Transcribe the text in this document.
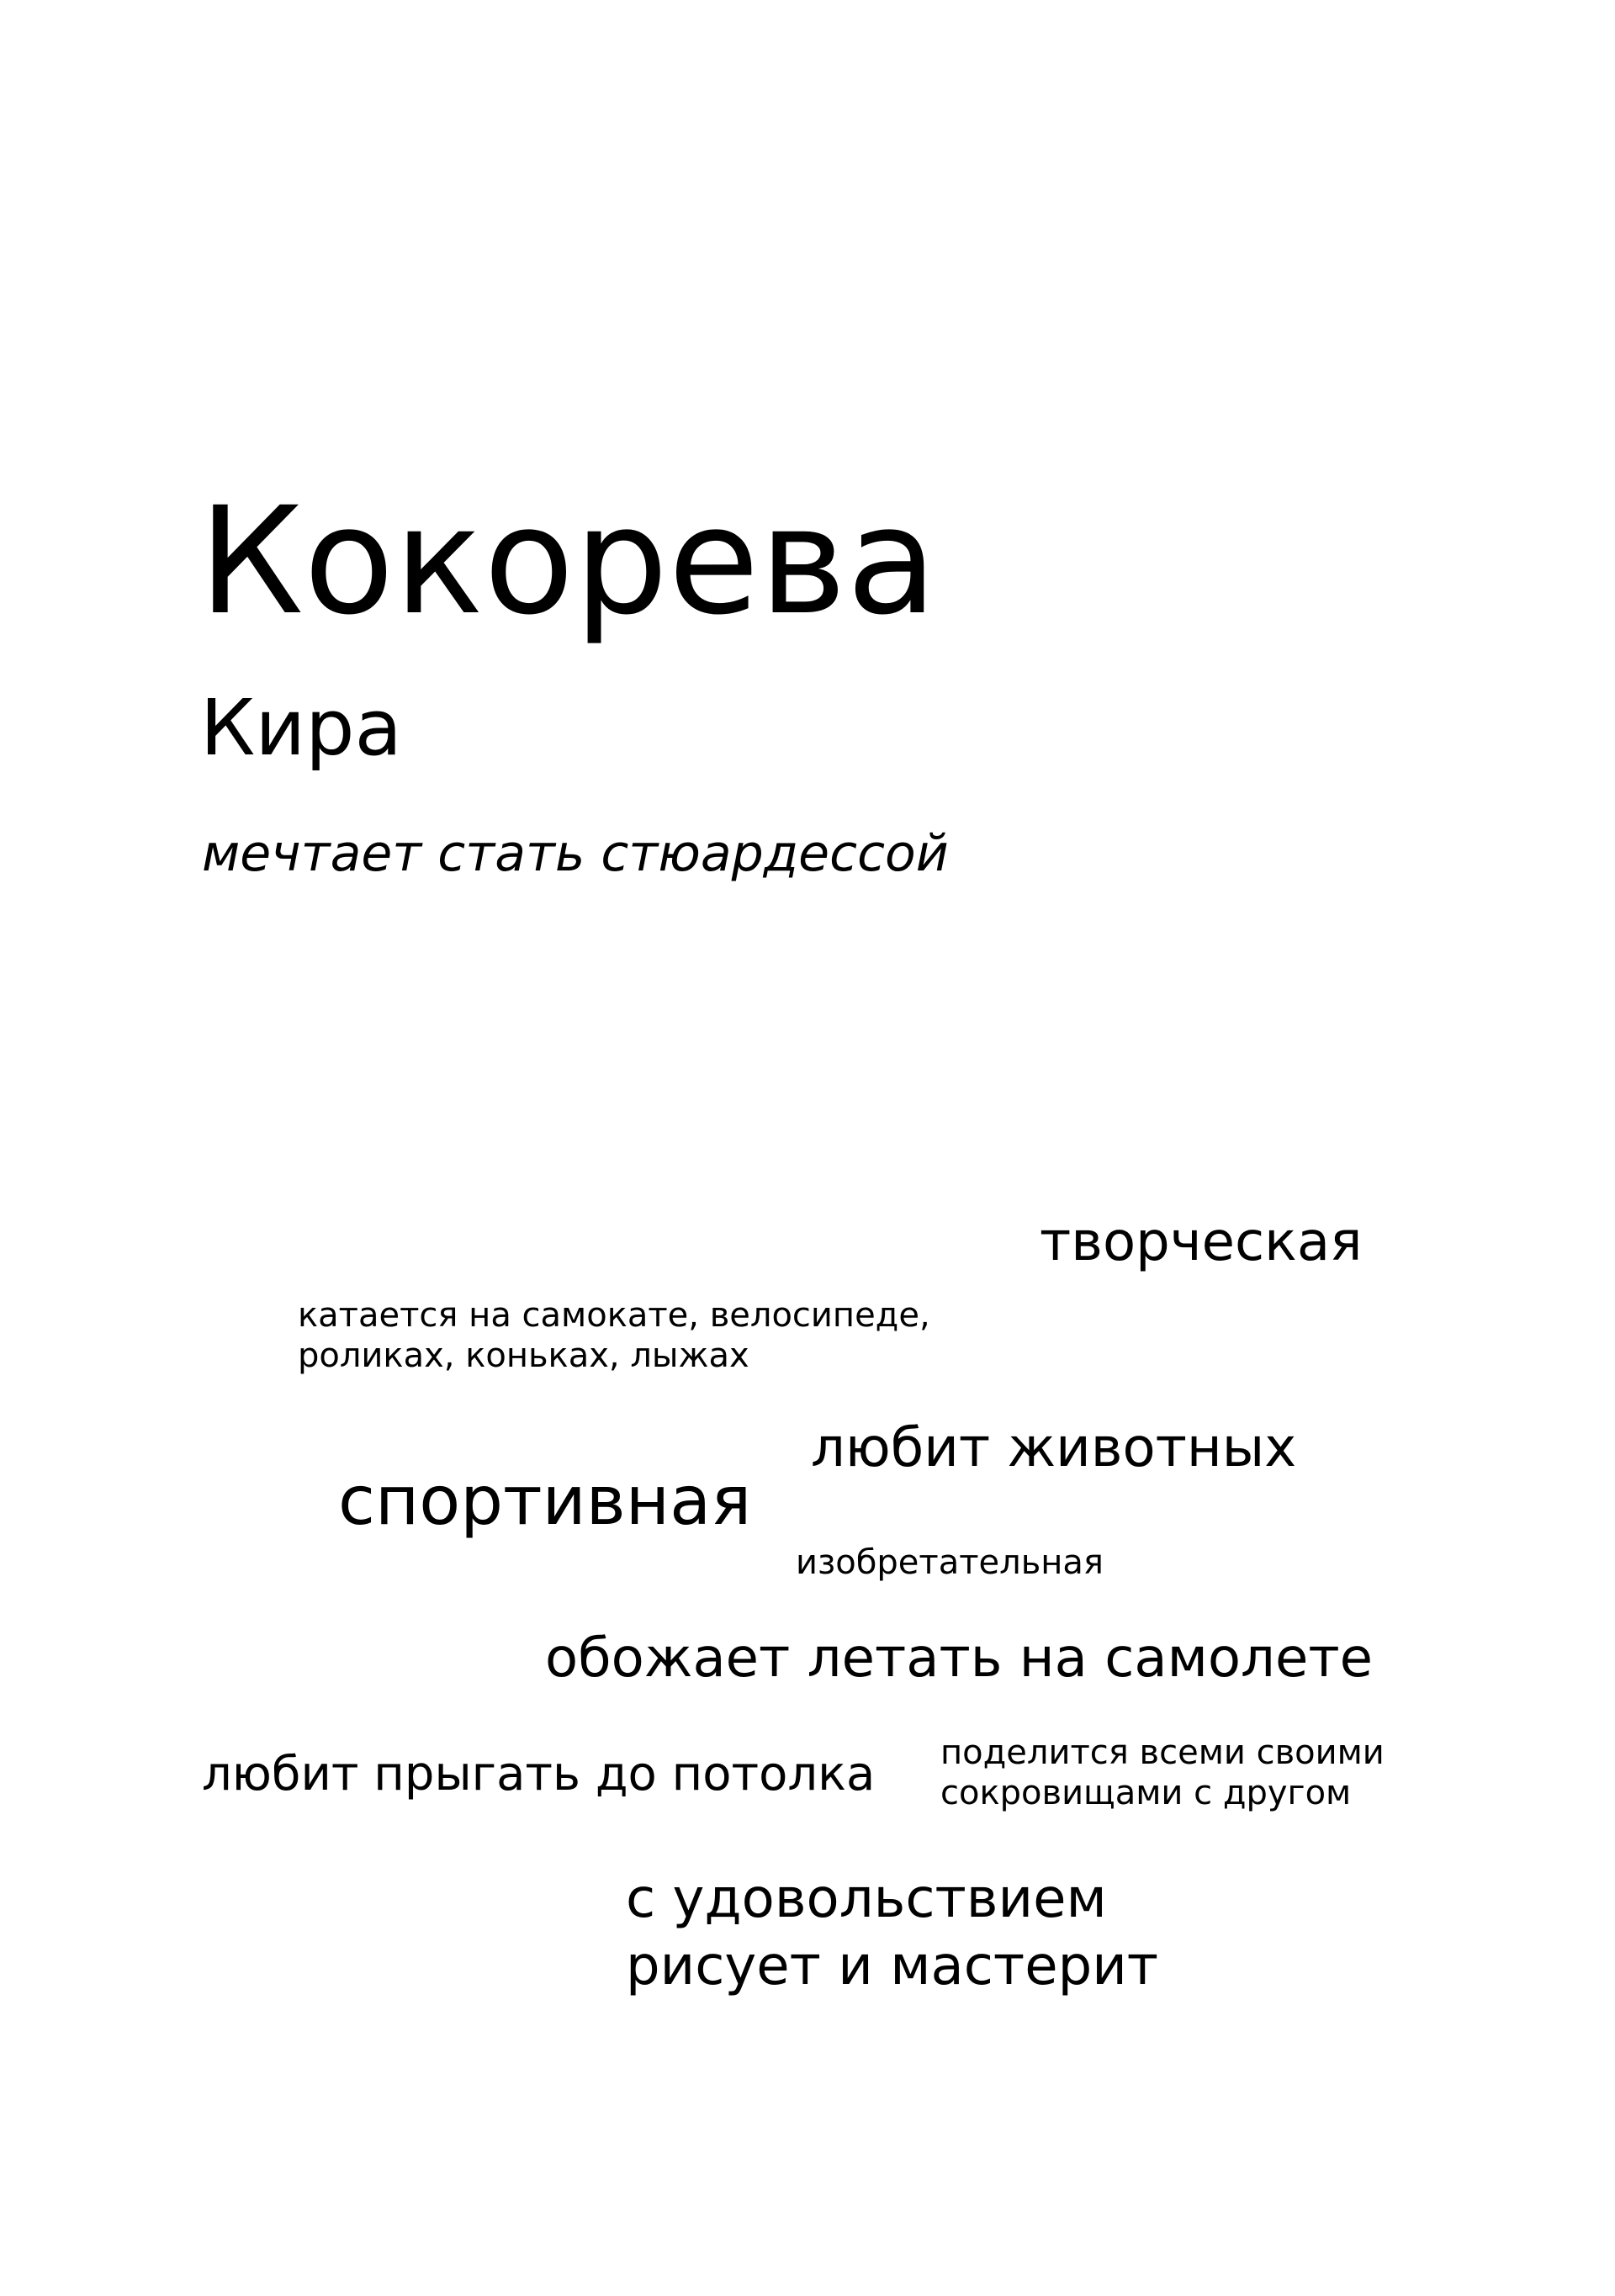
Кокорева
Кира
мечтает стать стюардессой
творческая
катается на самокате, велосипеде,
роликах, коньках, лыжах
любит животных
спортивная
изобретательная
обожает летать на самолете
любит прыгать до потолка поделится всеми своими
сокровищами с другом
с удовольствием
рисует и мастерит
